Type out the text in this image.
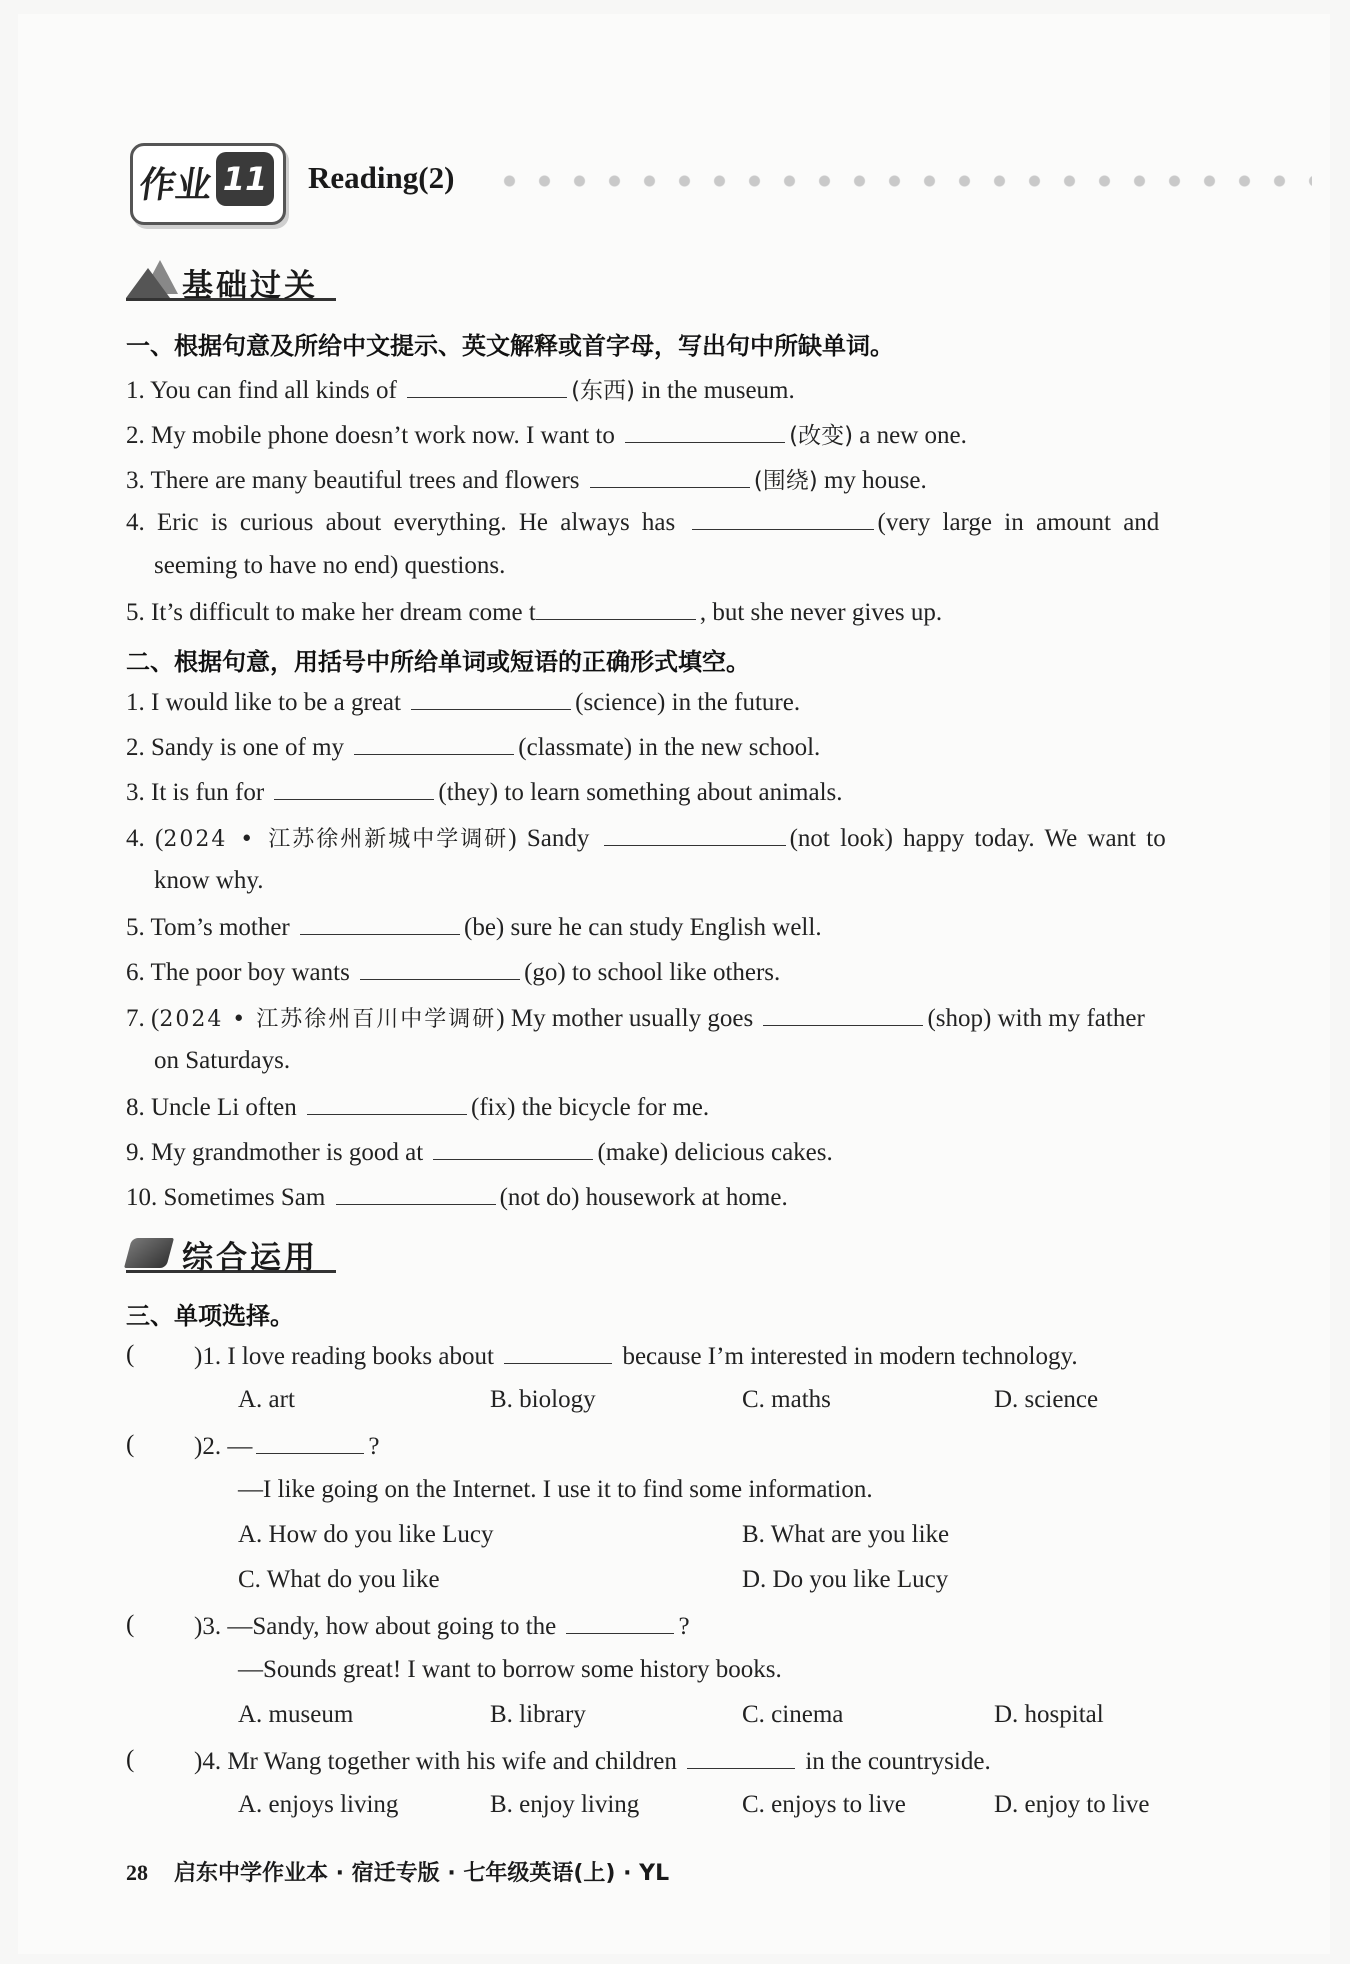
作业 11 Reading(2)
基础过关
一、根据句意及所给中文提示、英文解释或首字母，写出句中所缺单词。
1. You can find all kinds of	(东西) in the museum.
2. My mobile phone doesn’t work now. I want to	(改变) a new one.
3. There are many beautiful trees and flowers	(围绕) my house.
4. Eric is curious about everything. He always has	(very large in amount and
seeming to have no end) questions.
5. It’s difficult to make her dream come t	, but she never gives up.
二、根据句意，用括号中所给单词或短语的正确形式填空。
1. I would like to be a great	(science) in the future.
2. Sandy is one of my	(classmate) in the new school.
3. It is fun for	(they) to learn something about animals.
4. (2024 • 江苏徐州新城中学调研) Sandy	(not look) happy today. We want to
know why.
5. Tom’s mother	(be) sure he can study English well.
6. The poor boy wants	(go) to school like others.
7. (2024 • 江苏徐州百川中学调研) My mother usually goes	(shop) with my father
on Saturdays.
8. Uncle Li often	(fix) the bicycle for me.
9. My grandmother is good at	(make) delicious cakes.
10. Sometimes Sam	(not do) housework at home.
综合运用
三、单项选择。
( )1. I love reading books about	because I’m interested in modern technology.
A. art	B. biology	C. maths	D. science
( )2. —	?
—I like going on the Internet. I use it to find some information.
A. How do you like Lucy	B. What are you like
C. What do you like	D. Do you like Lucy
( )3. —Sandy, how about going to the	?
—Sounds great! I want to borrow some history books.
A. museum	B. library	C. cinema	D. hospital
( )4. Mr Wang together with his wife and children	in the countryside.
A. enjoys living	B. enjoy living	C. enjoys to live	D. enjoy to live
28 启东中学作业本 · 宿迁专版 · 七年级英语(上) · YL
